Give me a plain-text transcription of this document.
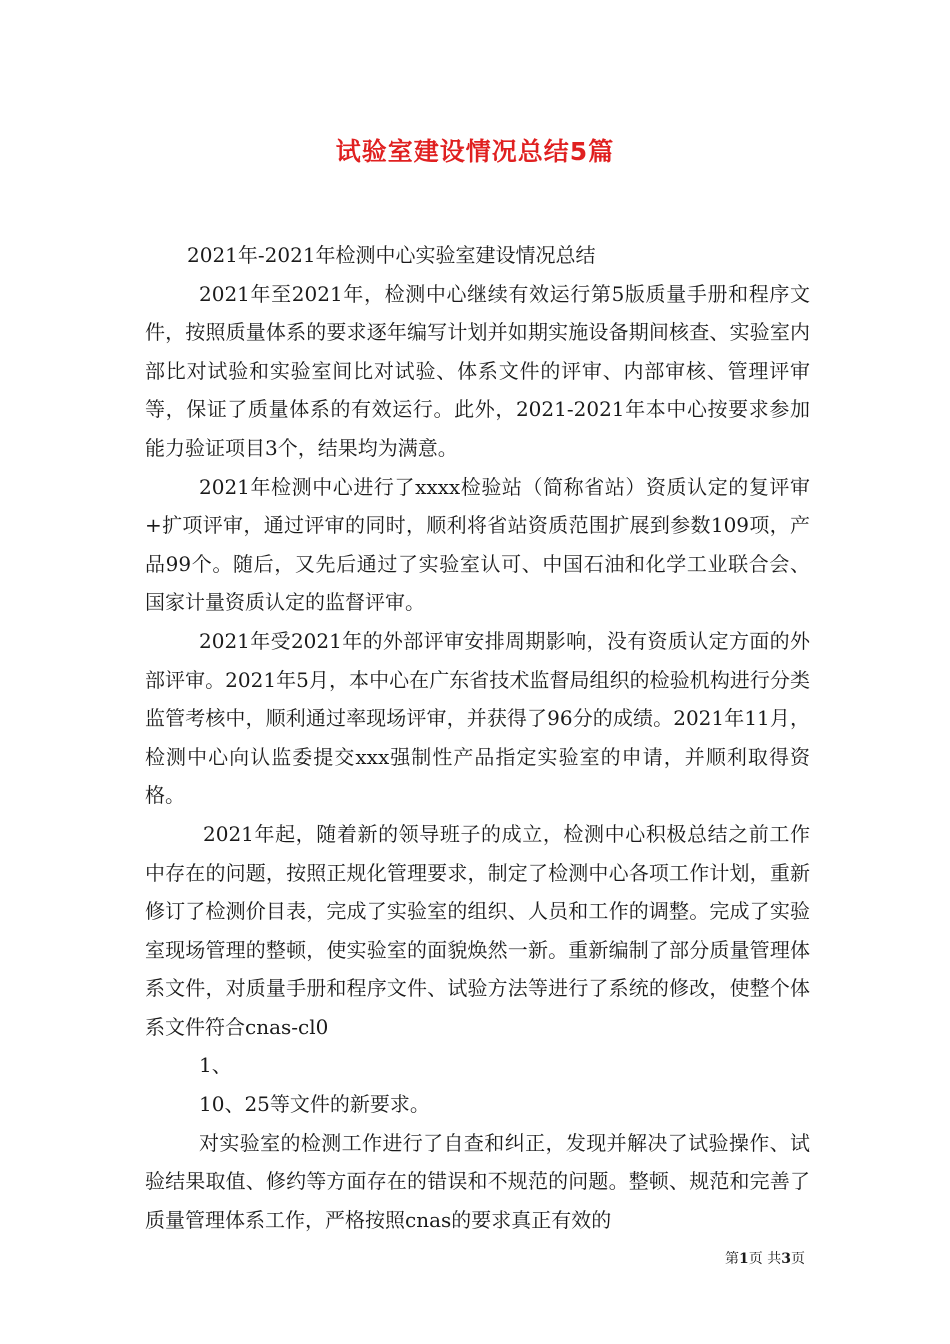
试验室建设情况总结5篇

2021年-2021年检测中心实验室建设情况总结

2021年至2021年，检测中心继续有效运行第5版质量手册和程序文件，按照质量体系的要求逐年编写计划并如期实施设备期间核查、实验室内部比对试验和实验室间比对试验、体系文件的评审、内部审核、管理评审等，保证了质量体系的有效运行。此外，2021-2021年本中心按要求参加能力验证项目3个，结果均为满意。

2021年检测中心进行了xxxx检验站（简称省站）资质认定的复评审+扩项评审，通过评审的同时，顺利将省站资质范围扩展到参数109项，产品99个。随后，又先后通过了实验室认可、中国石油和化学工业联合会、国家计量资质认定的监督评审。

2021年受2021年的外部评审安排周期影响，没有资质认定方面的外部评审。2021年5月，本中心在广东省技术监督局组织的检验机构进行分类监管考核中，顺利通过率现场评审，并获得了96分的成绩。2021年11月，检测中心向认监委提交xxx强制性产品指定实验室的申请，并顺利取得资格。

2021年起，随着新的领导班子的成立，检测中心积极总结之前工作中存在的问题，按照正规化管理要求，制定了检测中心各项工作计划，重新修订了检测价目表，完成了实验室的组织、人员和工作的调整。完成了实验室现场管理的整顿，使实验室的面貌焕然一新。重新编制了部分质量管理体系文件，对质量手册和程序文件、试验方法等进行了系统的修改，使整个体系文件符合cnas-cl0

1、

10、25等文件的新要求。

对实验室的检测工作进行了自查和纠正，发现并解决了试验操作、试验结果取值、修约等方面存在的错误和不规范的问题。整顿、规范和完善了质量管理体系工作，严格按照cnas的要求真正有效的

第1页 共3页
